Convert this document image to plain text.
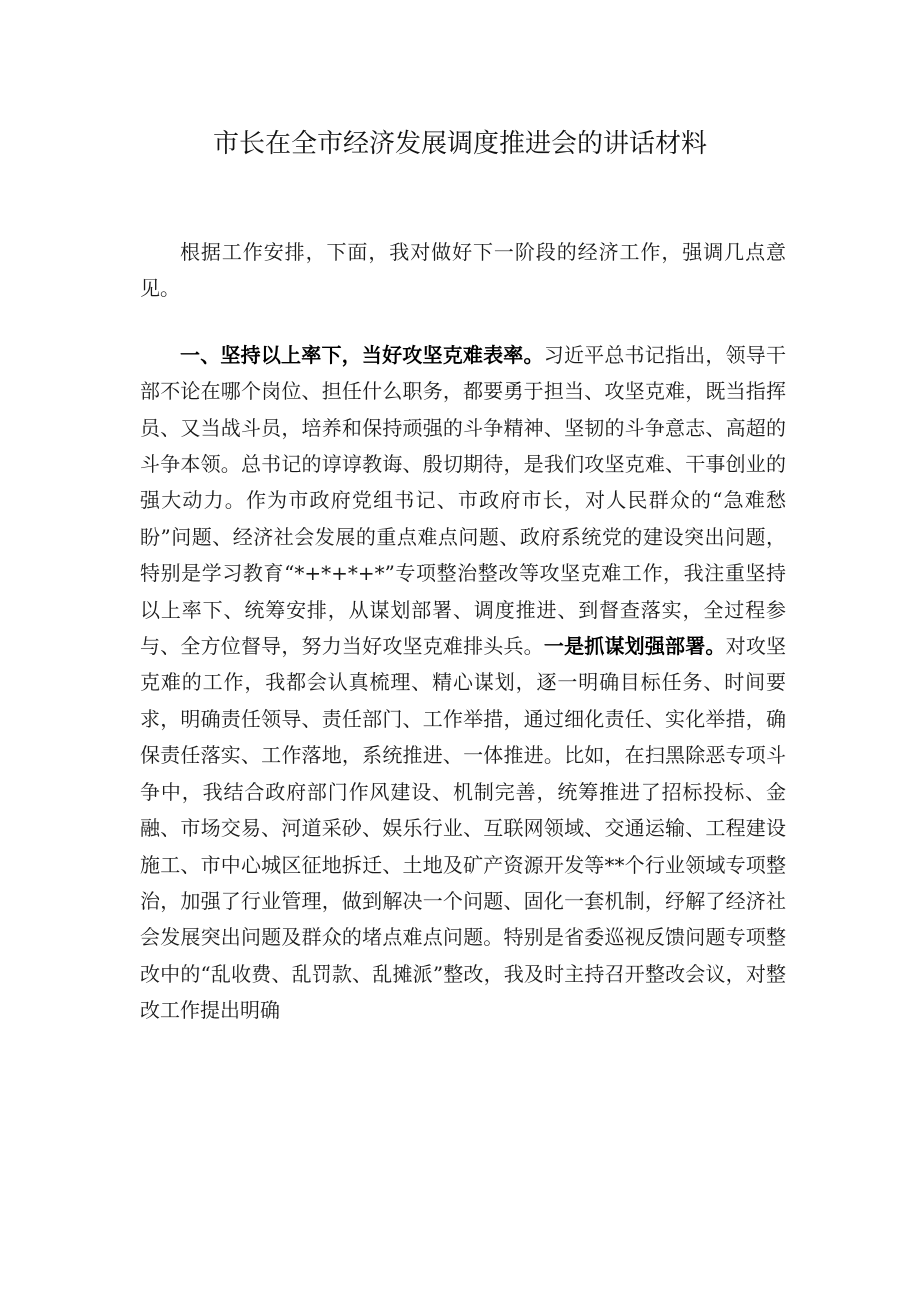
市长在全市经济发展调度推进会的讲话材料

根据工作安排，下面，我对做好下一阶段的经济工作，强调几点意见。

一、坚持以上率下，当好攻坚克难表率。习近平总书记指出，领导干部不论在哪个岗位、担任什么职务，都要勇于担当、攻坚克难，既当指挥员、又当战斗员，培养和保持顽强的斗争精神、坚韧的斗争意志、高超的斗争本领。总书记的谆谆教诲、殷切期待，是我们攻坚克难、干事创业的强大动力。作为市政府党组书记、市政府市长，对人民群众的“急难愁盼”问题、经济社会发展的重点难点问题、政府系统党的建设突出问题，特别是学习教育“*+*+*+*”专项整治整改等攻坚克难工作，我注重坚持以上率下、统筹安排，从谋划部署、调度推进、到督查落实，全过程参与、全方位督导，努力当好攻坚克难排头兵。一是抓谋划强部署。对攻坚克难的工作，我都会认真梳理、精心谋划，逐一明确目标任务、时间要求，明确责任领导、责任部门、工作举措，通过细化责任、实化举措，确保责任落实、工作落地，系统推进、一体推进。比如，在扫黑除恶专项斗争中，我结合政府部门作风建设、机制完善，统筹推进了招标投标、金融、市场交易、河道采砂、娱乐行业、互联网领域、交通运输、工程建设施工、市中心城区征地拆迁、土地及矿产资源开发等**个行业领域专项整治，加强了行业管理，做到解决一个问题、固化一套机制，纾解了经济社会发展突出问题及群众的堵点难点问题。特别是省委巡视反馈问题专项整改中的“乱收费、乱罚款、乱摊派”整改，我及时主持召开整改会议，对整改工作提出明确
